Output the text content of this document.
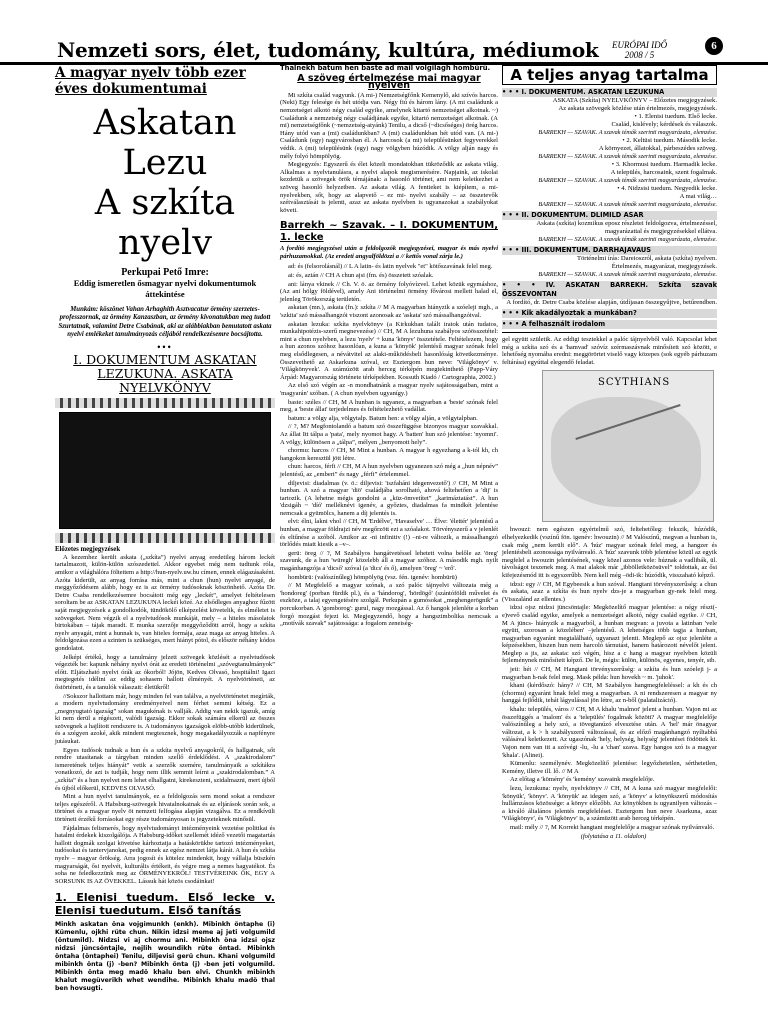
Nemzeti sors, élet, tudomány, kultúra, médiumok EURÓPAI IDŐ
2008 / 5
6
A magyar nyelv több ezer éves dokumentumai
Askatan Lezu
A szkíta nyelv
Perkupai Pető Imre:
Eddig ismeretlen ősmagyar nyelvi dokumentumok áttekintése
Munkám: köszönet Vahan Arhaghith Asztvacatur örmény szerzetes-professzornak, az örmény Kanzaszban, az örmény kivonatukban meg tudott Szurtatnak, valamint Detre Csabának, aki az alábbiakban bemutatott askata nyelvi emlékeket tanulmányozás céljából rendelkezésemre bocsájtotta.
•••
I. DOKUMENTUM ASKATAN LEZUKUNA. ASKATA NYELVKÖNYV
Előzetes megjegyzések

A kezemhez került askata („szkíta”) nyelvi anyag eredetileg három leckét tartalmazott, külön-külön szószedettel. Akkor egyebet még nem tudtunk róla, amikor a világhálóra föltettem a http://hun-nyelv.uw.hu címen, ennek elágazásaként. Azóta kiderült, az anyag forrása más, mint a chun (hun) nyelvi anyagé, de meggyőződésem alább, hogy ez is az örmény tudósoknak köszönhető. Azóta Dr. Detre Csaba rendelkezésemre bocsátott még egy „leckét”, amelyet feltételesen soroltam be az ASKATAN LEZUKUNA leckéi közé. Az elsődleges anyaghoz fűzött saját megjegyzések a gondolkodók, tündökölő elképzelést követelik, és elméletet is szövegeket. Nem végzik el a nyelvtudósok munkáját, mely – a hiteles másolatok birtokában – tájak maradt. E munka szerzője meggyőződött arról, hogy a szkíta nyelv anyagát, mint a hunnak is, van hiteles formája, azaz maga az anyag hiteles. A feldolgozása ezen a szinten is szükséges, mert hiányt pótol, és először néhány kódos gondolatot.

Jelképi értékű, hogy a tanulmány jelzett szövegek közlését a nyelvtudósok végezték be: kapunk néhány nyelvi órát az eredeti történelmi „szóvegtanulmányok” előtt. Eljátszható nyelvi órák az ókorból! Jójön, Kedves Olvasó, hospitálni! Igazi megtegetés idéltni az eddig sohasem hallott élményét. A nyelvtörténeti, az őstörténeti, és a tanulók válaszait: életükről!

//Sokszor hallottam már, hogy minden fel van találva, a nyelvtörténetet megírták, a modern nyelvtudomány eredményeivel nem férhet semmi kétség. Ez a „megnyugtató igazság” sokan magukénak is vallják. Addig van nekik igazuk, amíg ki nem derül a régészeti, valódi igazság. Ekkor sokak számára elkerül az összes szövegnek a hajlított rendszere is. A tudományos igazságok elöbb-utóbb kiderülnek, és a szégyen azoké, akik mindent megtesznek, hogy megakadályozzák a napfényre jutásukat.

Egyes tudósok tudnak a hun és a szkíta nyelvű anyagokról, és hallgatnak, sőt rendre utasítanak a tárgyban minden szellő érdeklődést. A „szakirodalom” ismeretének teljes hiányát” vetik a szerzők szemére, tanulmányaik a szkítákra vonatkozó, de azt is tudják, hogy nem illik semmit leírni a „szakirodalomban.” A „szkíta” és a hun nyelvet nem lehet elhallgatni, kirekeszteni, szidalmazni, mert újból és újból előkerül, KEDVES OLVASÓ.

Mint a hun nyelvi tanulmányok, ez a feldolgozás sem mond sokat a rendszer teljes egészéről. A Habsburg-szövegek hivatalnokainak és az eljárások során sok, a történet és a magyar nyelv öt nemzeti felfogása alapján vizsgálva. Ez a rendkívüli történeti érzékű forrásokat egy része tudományosan is jegyzeteknek minősül.

Fájdalmas felismerés, hogy nyelvtudományi intézményeink vezetése politikai és hatalmi érdekek kiszolgálója. A Habsburg-időket szellemét idéző vezetői magatartás hallott dogmák szolgai követése kárhoztatja a hatáskörükbe tartozó intézményeket, tudósokat és tantervjanokat, pedig ennek az egész nemzet látja kárát. A hun és szkíta nyelv – magyar őrökség. Arra jogosít és kötelez mindenkit, hogy vállalja büszkén magyarságát, ősi nyelvét, kulturális értékeit, és végre meg a nemes hagyatékot. És soha ne feledkezzünk meg az ŐRMÉNYEKRŐL! TESTVÉREINK ÖK, EGY A SORSUNK IS AZ ÖVEKKEL. Lássuk hát közös csodáinkat!

1. Elenisi tuedum. Első lecke v. Elenisi tuedutum. Első tanítás
Minkh askatan öna vojgimunkh (enkh). Mibinkh öntaphe (i) Kümenlu, ojkhi rüte chun. Nikin idzsi meme aj jeti volgumild (öntumild). Nidzsi vi aj chormu ani. Mibinkh öna idzsi ojsz nidzsi jüncsöntajle, nejlih woundikh rüte öntad. Mibinkh öntaha (öntaphei) Tenilu, diljevisi gerü chun. Khani volgumild mibinkh önta (j) -ben? Mibinkh önta (j) -ben jeti volgumild. Mibinkh önta meg madö khalu ben elvi. Chunkh mibinkh khalut megüverikh whet wendihe. Mibinkh khalu madö thal ben hovsugti.
Thalnekh batum hen baste ad mail volgilagh hombürü.
A szöveg értelmezése mai magyar nyelven

Mi szkíta család vagyunk. (A mi-) Nemzetségfőnk Kemenylő, aki szívós harcos. (Neki) Egy felesége és hét utódja van. Négy fiú és három lány. (A mi családunk a nemzetséget alkotó négy család egyike, amelynek kitartó nemzetséget alkotnak. ~) Családunk a nemzetség négy családjának egyike, kitartó nemzetséget alkotnak. (A mi) nemzetségfőnk (~nemzetség-atyánk) Tenilu, a dicső (~dicsőséges) örég harcos. Hány utód van a (mi) családunkban? A (mi) családunkban hét utód van. (A mi-) Családunk (egy) nagyvárosban él. A harcosok (a mi) településünket fegyverekkel védik. A (mi) településünk (egy) nagy völgyben húzódik. A völgy alján nagy és mély folyó hömpölyög.

Megjegyzés: Egyszerű és élet közeli mondatokban tükröződik az askata világ. Alkalmas a nyelvtanulásra, a nyelvi alapok megismerésére. Napjaink, az iskolai kezdetük a szövegek örök témájának: a hasonló történet, ami nem keletkezhet a szöveg hasonló helyzetben. Az askata világ. A fentieket is kiépítem, a mi-nyelvekben, sőt, hogy az alapvető – ez mi- nyelvi szabály – az összetevők szétválasztását is jelenti, azaz az askata nyelvben is ugyanazokat a szabályokat követi.

Barrekh ~ Szavak. – I. DOKUMENTUM, 1. lecke

A fordító megjegyzései után a feldolgozók megjegyzései, magyar és más nyelvi párhuzamokkal. (Az eredeti angyalföldözzi a // kettős vonal zárja le.)

ad: és (felsorolásnál) // L A latin- és latin nyelvek "et" kötőszavának felel meg.

ai: és, aztán // CH A chun ajsi (fm. és) összetett szóalak.

ani: lánya vkinek // Ch. V. ö. az örmény folyóvízvel. Lehet közük egymáshoz, (Az ani hölgy földével), amely Ani történelmi örmény fővárosi mellett halad el, jelenleg Törökország területén.

askatan (mn.), askata (fn.): szkíta // M A magyarban hiányzik a szóeleji mgh., a 'szkita' szó mássalhangzói viszont azonosak az 'askata' szó mássalhangzóival.

askatan lezuka: szkíta nyelvkönyv (a Kirkukban talált iratok után tudatos, munkahipotézis-szerű megnevezése) // CH, M A lezuhuna szabályos szóösszetétel: mint a chun nyelvben, a lezu 'nyelv' + kuna 'könyv' összetétele. Feltételezem, hogy a hun azonos szóhoz hasonlóan, a kuna a 'könyök' jelentésű magyar szónak felel meg elsődlegesen, a névátvitel az alaki-működésbeli hasonlóság következménye. Összevethető az Askarkuna szóval, ez Esztergom hun neve: 'Világkönyv' v. 'Világkönyvek'. A számúzött arab herceg térképén megtekinthető (Papp-Váry Árpád: Magyarország története térképekben. Kossuth Kiadó / Cartographia, 2002.)

Az első szó végén az -n mondhatnánk a magyar nyelv sajátosságaiban, mint a 'magyarán' szóban. ( A chun nyelvben ugyanígy.)

baste: széles // CH, M A hunban is ugyanez, a magyarban a 'beste' szónak felel meg, a 'beste állat' terjedelmes és feltételezhető vadállat.

batum: a völgy alja, völgytalp. Batum hen: a völgy alján, a völgytalpban.

// ?, M? Megfontolandó a batum szó összefüggése bizonyos magyar szavakkal. Az állat Itt tálpa a 'pata', mely nyomot hagy. A 'batten' hun szó jelentése: 'nyomni'. A völgy, különösen a „tálpa”, mélyen „benyomott hely”.

chormu: harcos // CH, M Mint a hunban. A magyar h egyezhang a k-tól kh, ch hangokon keresztül jött létre.

chun: harcos, férfi // CH, M A hun nyelvben ugyanezen szó még a „hun népnév” jelentésű, az „emberi” és nagy „férfi” értelemmel.

diljevisi: diadalmas (v. ö.: diljevisi: 'iszfaháni idegenvezető') // CH, M Mint a hunban. A szó a magyar 'diö' családjába sorolható, ahová feltehetően a 'dij' is tartozik. (A lehetne mégis gondolni a „küz-ömvetítet” „karimáztatást”. A hun 'dzsigáh ~ 'díó' melléknévi igenév, a győztes, diadalmas fa mindkét jelentése nemcsak a gyümölcs, hanem a díj jelentés is.

elvi: élni, lakni vhol // CH, M 'Erdélve', 'Havaselve' … Élve: 'élettér' jelentésű a hunban, a magyar földrajzi név megőrzött ezt a szóalakot. Törvényszerű a v jelenlét és eltűnése a szóból. Amikor az -ni infinitiv (!) –ni-re változik, a mássalhangzó törlődés miatt kiesik a –v–.

gerü: öreg // ?, M Szabályos hangátvetéssel lehetett volna belőle az 'öreg' szavunk, de a hun 'würegh' közelebb áll a magyar szóhoz. A második mgh. nyilt magánhangzója a 'dicső' szóval (a 'dics' és ő), amelyen 'öreg' ~ 'erő'.

hombürü: (valószínűleg) hömpölyög (vsz. fén. igenév: hombürü)

// M Megfelelő a magyar szónak, a szó palóc tájnyelvi változata még a 'hondoreg' (porban fürdik pl.), és a 'hándorog', 'hördögő' (szántóföldi művelet és eszköze, a talaj egyengetésére szolgál. Perkupán a gumósokat „meghengerögnik” a porcukorban. A 'gomborog': gurul, nagy mozgással. Az ő hangok jelenléte a korban forgó mozgást fejezi ki. Megjegyzendő, hogy a hangszimbolika nemcsak a „motívák szavak” sajátossága: a fogalom zeneiség-

A teljes anyag tartalma
• • • I. DOKUMENTUM. ASKATAN LEZUKUNA
ASKATA (Szkíta) NYELVKÖNYV – Előzetes megjegyzések.
Az askata szövegek közlése után értelmezés, megjegyzések.
• 1. Elenisi tuedum. Első lecke.
Család, kislévely; kérdések és válaszok.
BARREKH — SZAVAK. A szavak témák szerinti magyarázata, elemzése.
• 2. Keltüsi tuedum. Második lecke.
A környezet, állatokkal, párbeszédes szöveg.
BARREKH — SZAVAK. A szavak témák szerinti magyarázata, elemzése.
• 3. Khormusi tuedum. Harmadik lecke.
A település, harcosaink, szent fogalmak.
BARREKH — SZAVAK. A szavak témák szerinti magyarázata, elemzése.
• 4. Nidzsisi tuedum. Negyedik lecke.
A mai világ…
BARREKH — SZAVAK. A szavak témák szerinti magyarázata, elemzése.
• • • II. DOKUMENTUM. DLIMILD ASAR
Askata (szkíta) kozmikus eposz részletei feldolgozva, értelmezéssel, magyarázattal és megjegyzésekkel ellátva.
BARREKH — SZAVAK. A szavak témák szerinti magyarázata, elemzése.
• • • III. DOKUMENTUM. DARRHAJAVAUS
Történelmi írás: Dareioszról, askata (szkíta) nyelven.
Értelmezés, magyarázat, megjegyzések.
BARREKH — SZAVAK. A szavak témák szerinti magyarázata, elemzése.
• • • IV. ASKATAN BARREKH. Szkíta szavak ÖSSZEVONTAN
A fordító, dr. Detre Csaba közlése alapján, útdíjasan összegyűjtve, betűrendben.
• • • Kik akadályoztak a munkában?
• • • A felhasznált irodalom
gel együtt születik. Az eddigi tesztekkel a palóc tájnyelvből való. Kapcsolat lehet még a szkíta szó és a 'hamvad' szóvíz szérmaszávnak minősített szó között, e lehetőség nyomába eredni: meggörörtet viselő vagy közepes (sok egyéb párhuzam feltárása) egyúttal elegendő feladat.
SCYTHIANS

hwouzi: nem egészen egyértelmű szó, feltehetőleg: fekszik, húzódik, elhelyezkedik (vszínű fön. igenév: hwouzin) // M Valószínű, megvan a hunban is, csak még „nem került elő”. A 'húz' magyar szónak felel meg, a hangzer és jelentésbeli azonossága nyilvánvaló. A 'húz' szavunk több jelentése közül az egyik megfelel a hwouzin jelentésének, vagy közel azonos vele: húznak a vadlibák, ül. távolságot teszenek meg. A mai alakok már „ibbölletközösüvel” toldottak, az ősi kifejezésmód itt is egyszerűbb. Nem kell még –ödi-ik: húzódik, visszaható képző.

idzsi: egy // CH, M Egybeesik a hun szóval. Hangtani törvényszerűség: a chun és askata, azaz a szkíta és hun nyelv dzs-je a magyarban gy-nek felel meg. (Visszalánd az ellentes.)

idzsi ojsz nidzsi jüncsöntajle: Megközelítő magyar jelentése: a négy részt(-e)vevő család egyike, amelyek a nemzetséget alkotó, négy család egyike. // CH, M A jüncs- hiányzik a magyarból, a hunban megvan: a juvota a latinban 'vele együtt, szorosan a közelében' –jelentésű. A lehetséges több tagja a hunban, magyarban egyaránt megtalálható, ugyanazt jelenti. Meglepő az ojsz jelenléte a képzésekben, hiszen hun nem harcoló tárnutást, hanem határozott névelőt jelent. Meglep a jis, az askata: szó végén, hisz a c hang a magyar nyelvben közüli fejleménynek minősített képző. De le, mégis: külön, különös, egyenes, tenyér, stb.

jeti: hét // CH, M Hangtani törvényszerűség: a szkíta és hun szóeleji j- a magyarban h-nak felel meg. Mask példa: hun hovekh ~ m. 'juhok'.

khani (kérdőszó: hány? // CH, M Szabályos hangmegfeleléssel: a kh és ch (chormu) egyaránt hnak felel meg a magyarban. A ni rendszeresen a magyar ny hanggá fejlődik, tehát lágyulással jön létre, az n-ből (palatalizáció).

khalu: település, város // CH, M A khalu 'malmot' jelent a hunban. Vajon mi az összefüggés a 'malom' és a 'település' fogalmak között? A magyar megfelelője valószínűleg a hely szó, a tövegtanúzó elvesztése után. A 'hel' már önagyar változat, a k > h szabályszerű változással, és az előző magánhangzó nyíltabbá válásával keletkezett. Az ugaszónak 'hely, helység, helység' jelentései födöttek ki. Vajon nem van itt a szóvégi -lu, -lu a 'chan' szava. Egy hangos szó is a magyar 'khala'. (Alinei).

Kümenlu: személynév. Megközelítő jelentése: legyőzhetetlen, sérthetetlen, Kemény, illetve ill. lő. // M A

Az előtag a 'kömény' és 'kemény' szavaink megfelelője.

lezu, lezukuna: nyelv, nyelvkönyv // CH, M A kuna szó magyar megfelelői: 'könyük', 'könyv'. A 'könyük' az idegen szó, a 'könyv' a könyökszerű módosítás hullámzásos közössége: a könyv előzőbb. Az könyökben is ugyanilyen változás – a kiváló általános jelentés megfelelései. Esztergom hun neve Asarkuna, azaz 'Világkönyv', és 'Világkönyv' is, a számüzött arab herceg térképén.

mail: mély // ?, M Korrekt hangtani megfelelője a magyar szónak nyilvánvaló.

(folytatása a 11. oldalon)
